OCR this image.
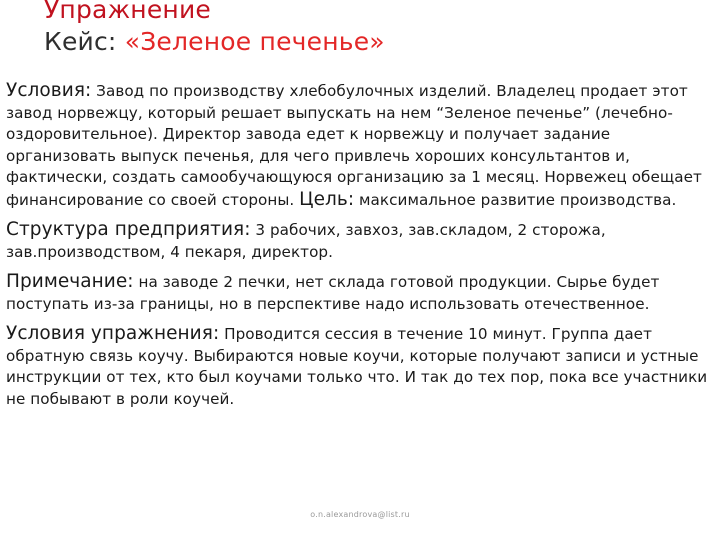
Упражнение
Кейс: «Зеленое печенье»

Условия: Завод по производству хлебобулочных изделий. Владелец продает этот завод норвежцу, который решает выпускать на нем “Зеленое печенье” (лечебно-оздоровительное). Директор завода едет к норвежцу и получает задание организовать выпуск печенья, для чего привлечь хороших консультантов и, фактически, создать самообучающуюся организацию за 1 месяц. Норвежец обещает финансирование со своей стороны. Цель: максимальное развитие производства.

Структура предприятия: 3 рабочих, завхоз, зав.складом, 2 сторожа, зав.производством, 4 пекаря, директор.

Примечание: на заводе 2 печки, нет склада готовой продукции. Сырье будет поступать из-за границы, но в перспективе надо использовать отечественное.

Условия упражнения: Проводится сессия в течение 10 минут. Группа дает обратную связь коучу. Выбираются новые коучи, которые получают записи и устные инструкции от тех, кто был коучами только что. И так до тех пор, пока все участники не побывают в роли коучей.

o.n.alexandrova@list.ru
